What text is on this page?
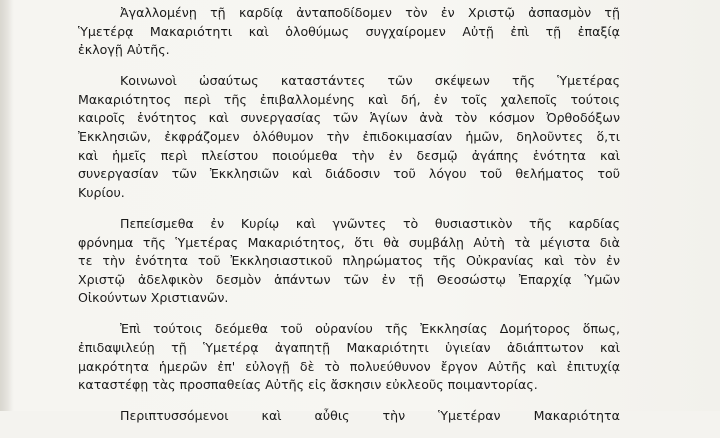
Ἀγαλλομένῃ τῇ καρδίᾳ ἀνταποδίδομεν τὸν ἐν Χριστῷ ἀσπασμὸν τῇ
Ὑμετέρᾳ Μακαριότητι καὶ ὁλοθύμως συγχαίρομεν Αὐτῇ ἐπὶ τῇ ἐπαξίᾳ
ἐκλογῇ Αὐτῆς.

Κοινωνοὶ ὡσαύτως καταστάντες τῶν σκέψεων τῆς Ὑμετέρας
Μακαριότητος περὶ τῆς ἐπιβαλλομένης καὶ δή, ἐν τοῖς χαλεποῖς τούτοις
καιροῖς ἑνότητος καὶ συνεργασίας τῶν Ἁγίων ἀνὰ τὸν κόσμον Ὀρθοδόξων
Ἐκκλησιῶν, ἐκφράζομεν ὁλόθυμον τὴν ἐπιδοκιμασίαν ἡμῶν, δηλοῦντες ὅ,τι
καὶ ἡμεῖς περὶ πλείστου ποιούμεθα τὴν ἐν δεσμῷ ἀγάπης ἑνότητα καὶ
συνεργασίαν τῶν Ἐκκλησιῶν καὶ διάδοσιν τοῦ λόγου τοῦ θελήματος τοῦ
Κυρίου.

Πεπείσμεθα ἐν Κυρίῳ καὶ γνῶντες τὸ θυσιαστικὸν τῆς καρδίας
φρόνημα τῆς Ὑμετέρας Μακαριότητος, ὅτι θὰ συμβάλῃ Αὐτὴ τὰ μέγιστα διὰ
τε τὴν ἑνότητα τοῦ Ἐκκλησιαστικοῦ πληρώματος τῆς Οὐκρανίας καὶ τὸν ἐν
Χριστῷ ἀδελφικὸν δεσμὸν ἁπάντων τῶν ἐν τῇ Θεοσώστῳ Ἐπαρχίᾳ Ὑμῶν
Οἰκούντων Χριστιανῶν.

Ἐπὶ τούτοις δεόμεθα τοῦ οὐρανίου τῆς Ἐκκλησίας Δομήτορος ὅπως,
ἐπιδαψιλεύῃ τῇ Ὑμετέρᾳ ἀγαπητῇ Μακαριότητι ὑγιείαν ἀδιάπτωτον καὶ
μακρότητα ἡμερῶν ἐπ' εὐλογῇ δὲ τὸ πολυεύθυνον ἔργον Αὐτῆς καὶ ἐπιτυχίᾳ
καταστέφῃ τὰς προσπαθείας Αὐτῆς εἰς ἄσκησιν εὐκλεοῦς ποιμαντορίας.

Περιπτυσσόμενοι	καὶ	αὖθις	τὴν	Ὑμετέραν	Μακαριότητα
